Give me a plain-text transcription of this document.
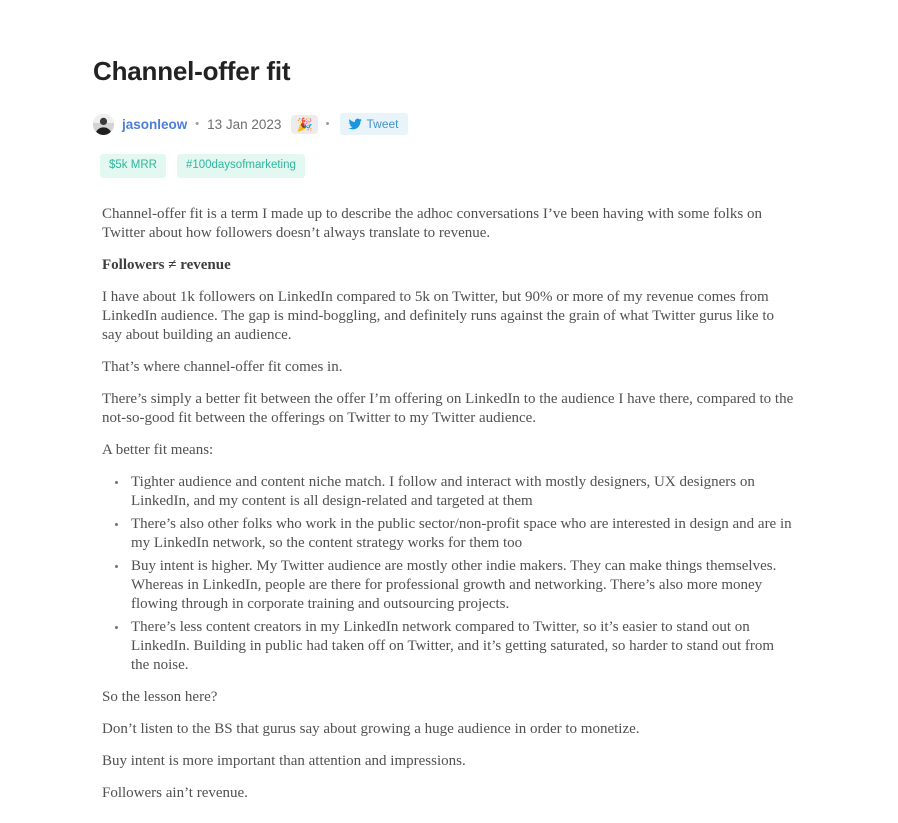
Channel-offer fit
jasonleow • 13 Jan 2023	🎉	•	Tweet
$5k MRR	#100daysofmarketing

Channel-offer fit is a term I made up to describe the adhoc conversations I’ve been having with some folks on Twitter about how followers doesn’t always translate to revenue.

Followers ≠ revenue

I have about 1k followers on LinkedIn compared to 5k on Twitter, but 90% or more of my revenue comes from LinkedIn audience. The gap is mind-boggling, and definitely runs against the grain of what Twitter gurus like to say about building an audience.

That’s where channel-offer fit comes in.

There’s simply a better fit between the offer I’m offering on LinkedIn to the audience I have there, compared to the not-so-good fit between the offerings on Twitter to my Twitter audience.

A better fit means:

• Tighter audience and content niche match. I follow and interact with mostly designers, UX designers on LinkedIn, and my content is all design-related and targeted at them
• There’s also other folks who work in the public sector/non-profit space who are interested in design and are in my LinkedIn network, so the content strategy works for them too
• Buy intent is higher. My Twitter audience are mostly other indie makers. They can make things themselves. Whereas in LinkedIn, people are there for professional growth and networking. There’s also more money flowing through in corporate training and outsourcing projects.
• There’s less content creators in my LinkedIn network compared to Twitter, so it’s easier to stand out on LinkedIn. Building in public had taken off on Twitter, and it’s getting saturated, so harder to stand out from the noise.

So the lesson here?

Don’t listen to the BS that gurus say about growing a huge audience in order to monetize.

Buy intent is more important than attention and impressions.

Followers ain’t revenue.
